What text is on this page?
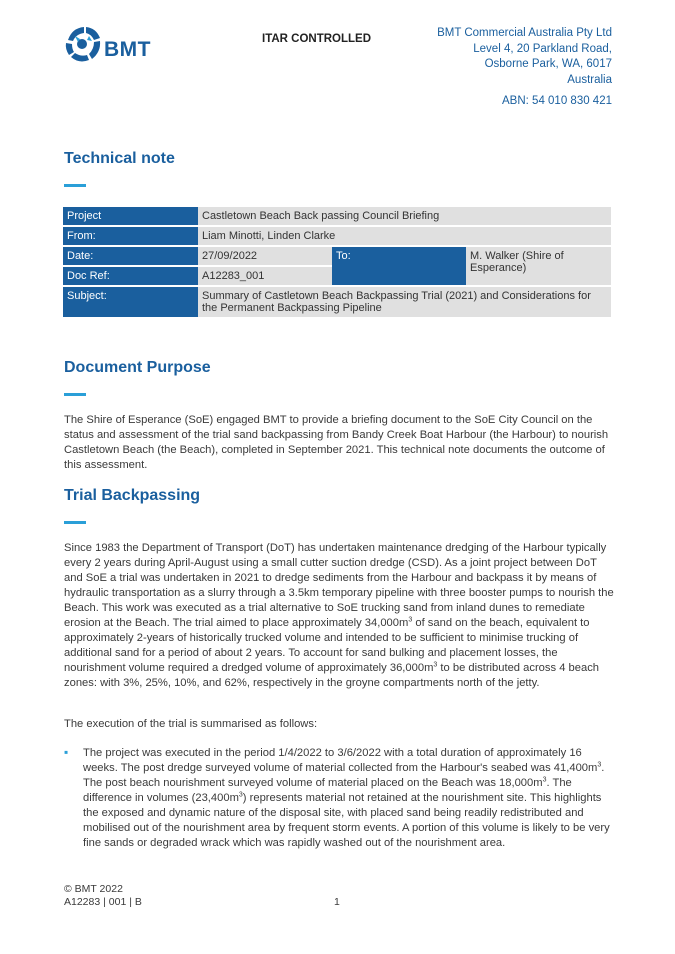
BMT	ITAR CONTROLLED	BMT Commercial Australia Pty Ltd
Level 4, 20 Parkland Road,
Osborne Park, WA, 6017
Australia
ABN: 54 010 830 421
Technical note
Project	Castletown Beach Back passing Council Briefing		
From:	Liam Minotti, Linden Clarke		
Date:	27/09/2022	To:	M. Walker (Shire of Esperance)
Doc Ref:	A12283_001		
Subject:	Summary of Castletown Beach Backpassing Trial (2021) and Considerations for the Permanent Backpassing Pipeline		
Document Purpose
The Shire of Esperance (SoE) engaged BMT to provide a briefing document to the SoE City Council on the status and assessment of the trial sand backpassing from Bandy Creek Boat Harbour (the Harbour) to nourish Castletown Beach (the Beach), completed in September 2021. This technical note documents the outcome of this assessment.
Trial Backpassing
Since 1983 the Department of Transport (DoT) has undertaken maintenance dredging of the Harbour typically every 2 years during April-August using a small cutter suction dredge (CSD). As a joint project between DoT and SoE a trial was undertaken in 2021 to dredge sediments from the Harbour and backpass it by means of hydraulic transportation as a slurry through a 3.5km temporary pipeline with three booster pumps to nourish the Beach. This work was executed as a trial alternative to SoE trucking sand from inland dunes to remediate erosion at the Beach. The trial aimed to place approximately $34,000m^3$ of sand on the beach, equivalent to approximately 2-years of historically trucked volume and intended to be sufficient to minimise trucking of additional sand for a period of about 2 years. To account for sand bulking and placement losses, the nourishment volume required a dredged volume of approximately $36,000m^3$ to be distributed across 4 beach zones: with 3%, 25%, 10%, and 62%, respectively in the groyne compartments north of the jetty.
The execution of the trial is summarised as follows:
▪ The project was executed in the period 1/4/2022 to 3/6/2022 with a total duration of approximately 16 weeks. The post dredge surveyed volume of material collected from the Harbour's seabed was $41,400m^3$. The post beach nourishment surveyed volume of material placed on the Beach was $18,000m^3$. The difference in volumes $(23,400m^3)$ represents material not retained at the nourishment site. This highlights the exposed and dynamic nature of the disposal site, with placed sand being readily redistributed and mobilised out of the nourishment area by frequent storm events. A portion of this volume is likely to be very fine sands or degraded wrack which was rapidly washed out of the nourishment area.
© BMT 2022
A12283 | 001 | B	1
